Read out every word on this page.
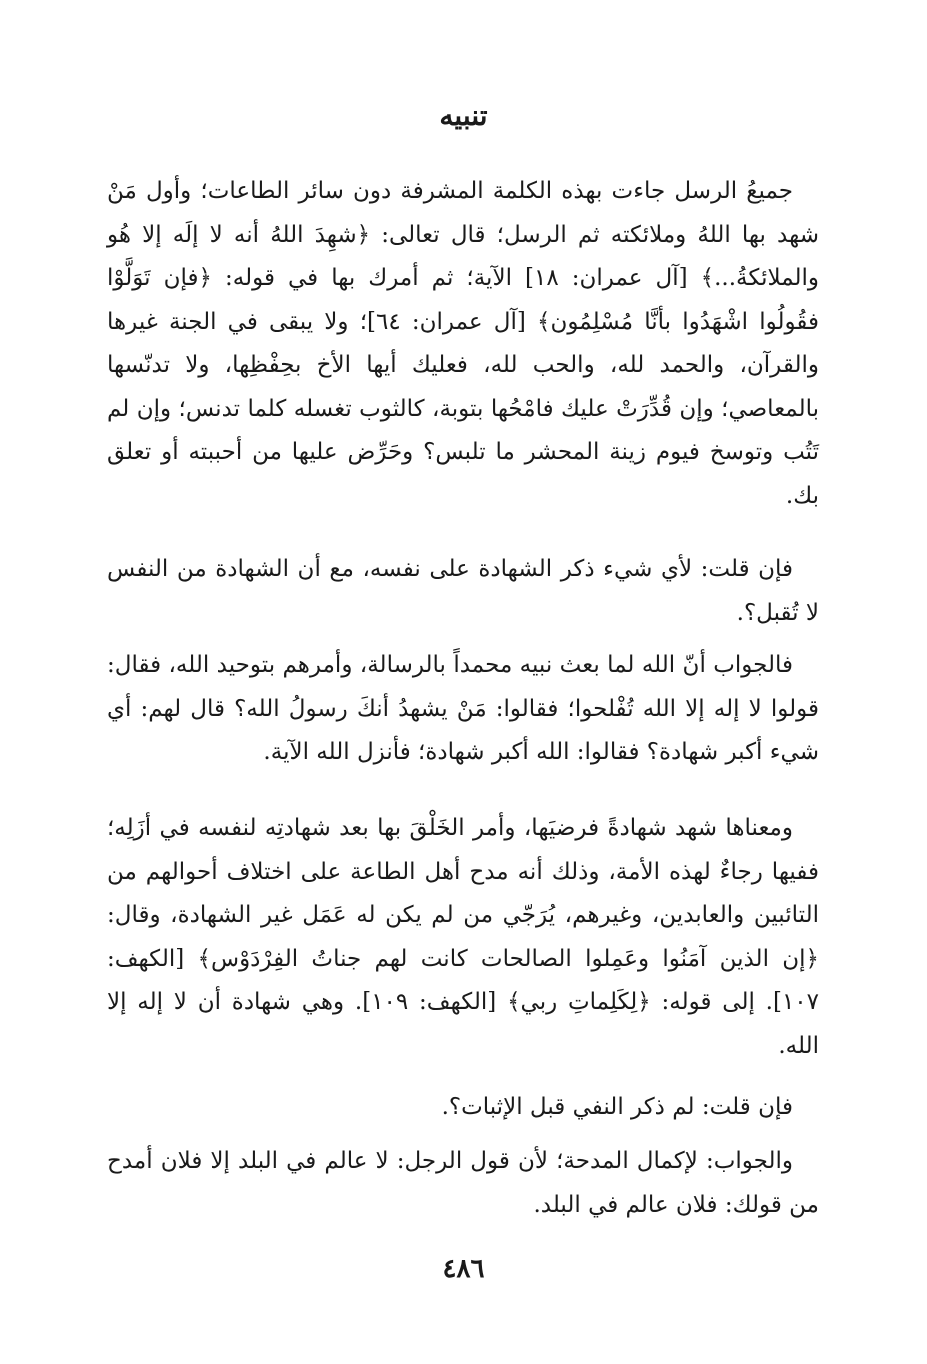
تنبيه

جميعُ الرسل جاءت بهذه الكلمة المشرفة دون سائر الطاعات؛ وأول مَنْ شهد بها اللهُ وملائكته ثم الرسل؛ قال تعالى: ﴿شهِدَ اللهُ أنه لا إلَه إلا هُو والملائكةُ...﴾ [آل عمران: ١٨] الآية؛ ثم أمرك بها في قوله: ﴿فإن تَوَلَّوْا فقُولُوا اشْهَدُوا بأنَّا مُسْلِمُون﴾ [آل عمران: ٦٤]؛ ولا يبقى في الجنة غيرها والقرآن، والحمد لله، والحب لله، فعليك أيها الأخ بحِفْظِها، ولا تدنّسها بالمعاصي؛ وإن قُدِّرَتْ عليك فامْحُها بتوبة، كالثوب تغسله كلما تدنس؛ وإن لم تَتُب وتوسخ فيوم زينة المحشر ما تلبس؟ وحَرِّض عليها من أحببته أو تعلق بك.

فإن قلت: لأي شيء ذكر الشهادة على نفسه، مع أن الشهادة من النفس لا تُقبل؟.

فالجواب أنّ الله لما بعث نبيه محمداً بالرسالة، وأمرهم بتوحيد الله، فقال: قولوا لا إله إلا الله تُفْلحوا؛ فقالوا: مَنْ يشهدُ أنكَ رسولُ الله؟ قال لهم: أي شيء أكبر شهادة؟ فقالوا: الله أكبر شهادة؛ فأنزل الله الآية.

ومعناها شهد شهادةً فرضيَها، وأمر الخَلْقَ بها بعد شهادتِه لنفسه في أزَلِه؛ ففيها رجاءٌ لهذه الأمة، وذلك أنه مدح أهل الطاعة على اختلاف أحوالهم من التائبين والعابدين، وغيرهم، يُرَجّي من لم يكن له عَمَل غير الشهادة، وقال: ﴿إن الذين آمَنُوا وعَمِلوا الصالحات كانت لهم جناتُ الفِرْدَوْس﴾ [الكهف: ١٠٧]. إلى قوله: ﴿لِكَلِماتِ ربي﴾ [الكهف: ١٠٩]. وهي شهادة أن لا إله إلا الله.

فإن قلت: لم ذكر النفي قبل الإثبات؟.

والجواب: لإكمال المدحة؛ لأن قول الرجل: لا عالم في البلد إلا فلان أمدح من قولك: فلان عالم في البلد.

٤٨٦
